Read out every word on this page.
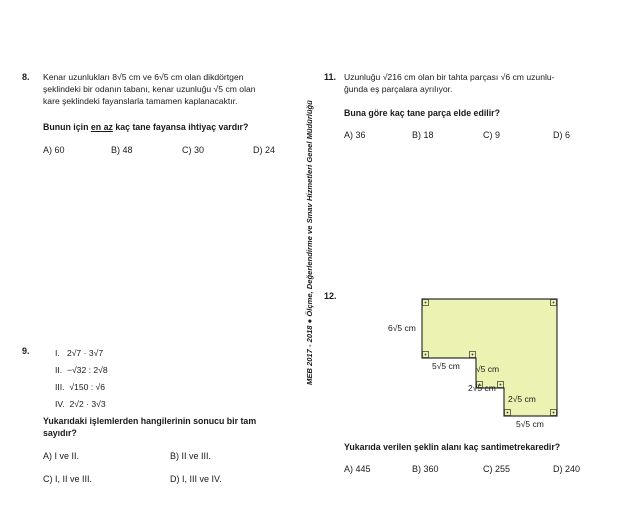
8. Kenar uzunlukları 8√5 cm ve 6√5 cm olan dikdörtgen
şeklindeki bir odanın tabanı, kenar uzunluğu √5 cm olan
kare şeklindeki fayanslarla tamamen kaplanacaktır.
Bunun için en az kaç tane fayansa ihtiyaç vardır?
A) 60	B) 48	C) 30	D) 24
9.	I.   2√7 · 3√7
II.  −√32 : 2√8
III.  √150 : √6
IV.  2√2 · 3√3
Yukarıdaki işlemlerden hangilerinin sonucu bir tam
sayıdır?
A) I ve II.	B) II ve III.
C) I, II ve III.	D) I, III ve IV.
MEB 2017 - 2018 ● Ölçme, Değerlendirme ve Sınav Hizmetleri Genel Müdürlüğü
11. Uzunluğu √216 cm olan bir tahta parçası √6 cm uzunlu-
ğunda eş parçalara ayrılıyor.
Buna göre kaç tane parça elde edilir?
A) 36	B) 18	C) 9	D) 6
12.
6√5 cm
5√5 cm √5 cm
2√5 cm
2√5 cm
5√5 cm
Yukarıda verilen şeklin alanı kaç santimetrekaredir?
A) 445	B) 360	C) 255	D) 240
